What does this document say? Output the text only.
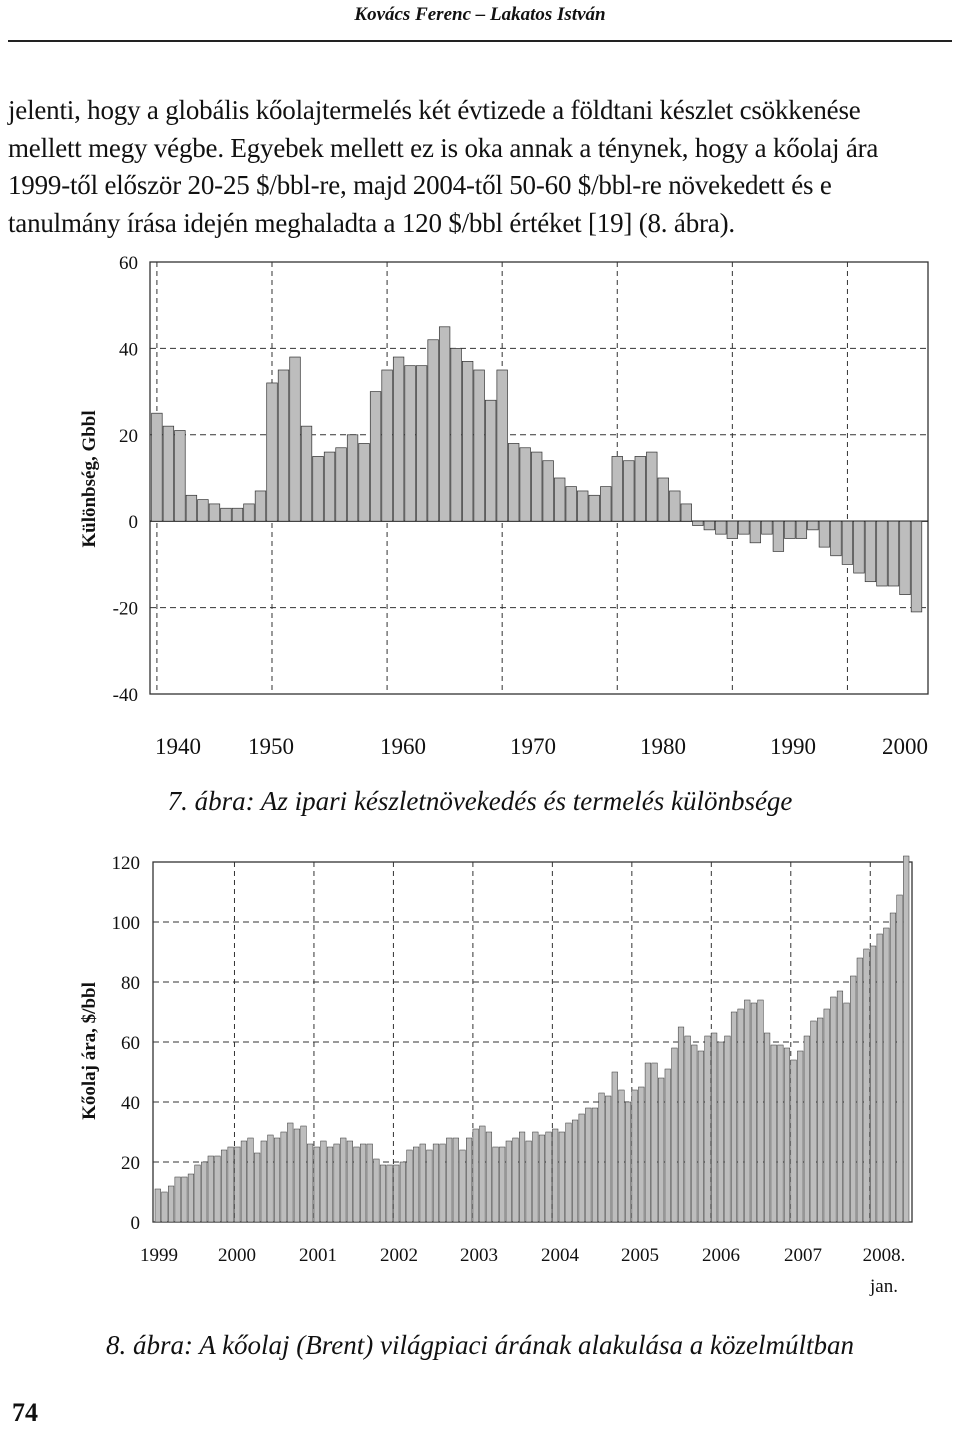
Kovács Ferenc – Lakatos István

jelenti, hogy a globális kőolajtermelés két évtizede a földtani készlet csökkenése

mellett megy végbe. Egyebek mellett ez is oka annak a ténynek, hogy a kőolaj ára

1999-től először 20-25 $/bbl-re, majd 2004-től 50-60 $/bbl-re növekedett és e

tanulmány írása idején meghaladta a 120 $/bbl értéket [19] (8. ábra).

Különbség, Gbbl
60
40
20
0
-20
-40
1940 1950	1960	1970	1980	1990	2000
7. ábra: Az ipari készletnövekedés és termelés különbsége
Kőolaj ára, $/bbl
120
100
80
60
40
20
0
1999 2000 2001 2002 2003 2004 2005 2006 2007 2008.
jan.
8. ábra: A kőolaj (Brent) világpiaci árának alakulása a közelmúltban
74
